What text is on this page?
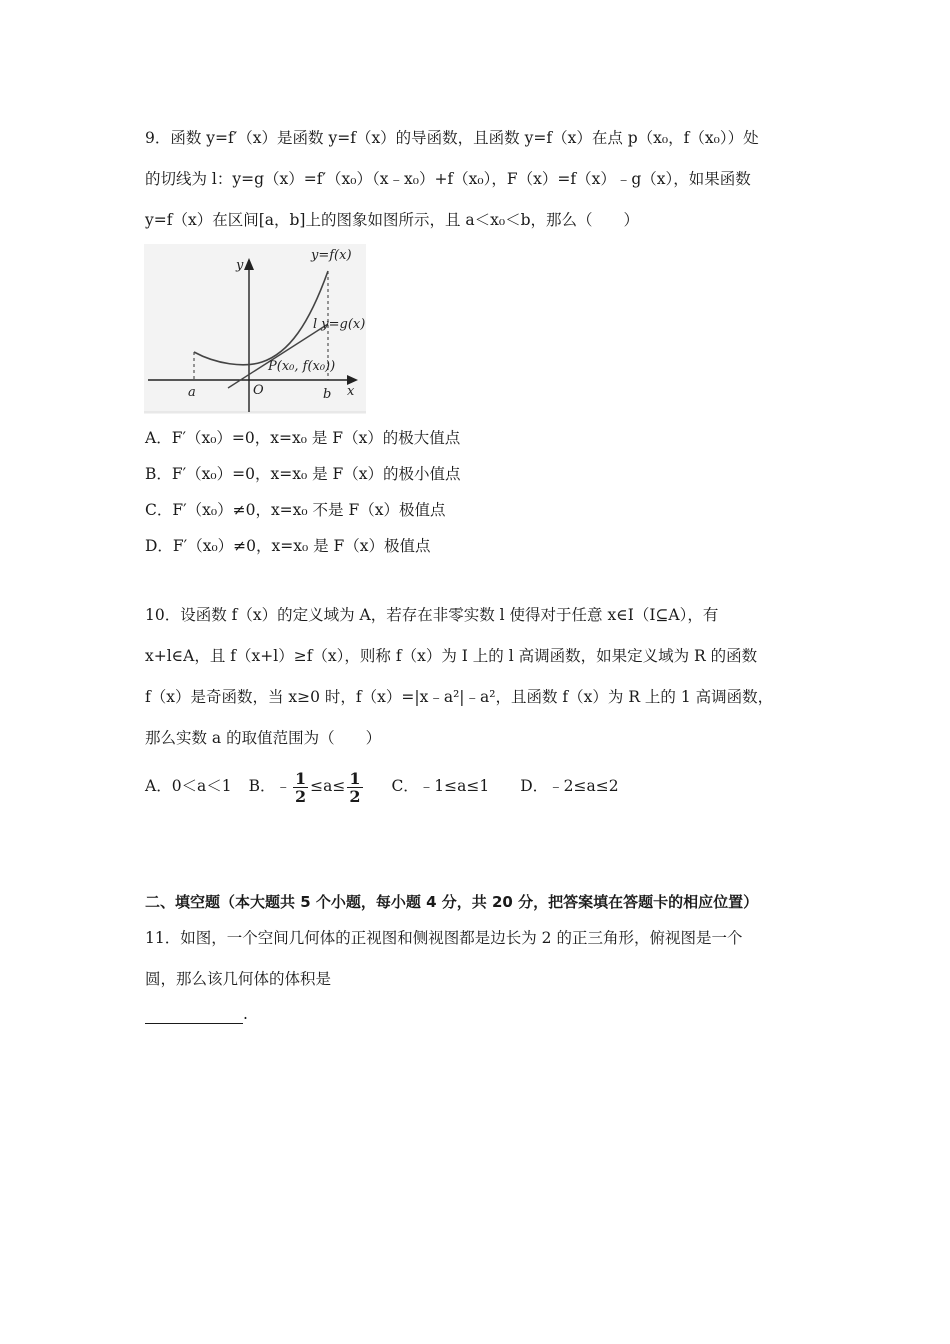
9．函数 y=f′（x）是函数 y=f（x）的导函数，且函数 y=f（x）在点 p（x₀，f（x₀））处
的切线为 l：y=g（x）=f′（x₀）（x﹣x₀）+f（x₀），F（x）=f（x）﹣g（x），如果函数
y=f（x）在区间[a，b]上的图象如图所示，且 a＜x₀＜b，那么（　　）
y
x
y=f(x)
l y=g(x)
P(x₀, f(x₀))
a	O	b
A．F′（x₀）=0，x=x₀ 是 F（x）的极大值点
B．F′（x₀）=0，x=x₀ 是 F（x）的极小值点
C．F′（x₀）≠0，x=x₀ 不是 F（x）极值点
D．F′（x₀）≠0，x=x₀ 是 F（x）极值点
10．设函数 f（x）的定义域为 A，若存在非零实数 l 使得对于任意 x∈I（I⊆A），有
x+l∈A，且 f（x+l）≥f（x），则称 f（x）为 I 上的 l 高调函数，如果定义域为 R 的函数
f（x）是奇函数，当 x≥0 时，f（x）=|x﹣a²|﹣a²，且函数 f（x）为 R 上的 1 高调函数，
那么实数 a 的取值范围为（　　）
A．0＜a＜1 B．﹣ $\frac{1}{2} \le a\le \frac{1}{2}$ C．﹣1≤a≤1 D．﹣2≤a≤2
二、填空题（本大题共 5 个小题，每小题 4 分，共 20 分，把答案填在答题卡的相应位置）
11．如图，一个空间几何体的正视图和侧视图都是边长为 2 的正三角形，俯视图是一个
圆，那么该几何体的体积是
.
